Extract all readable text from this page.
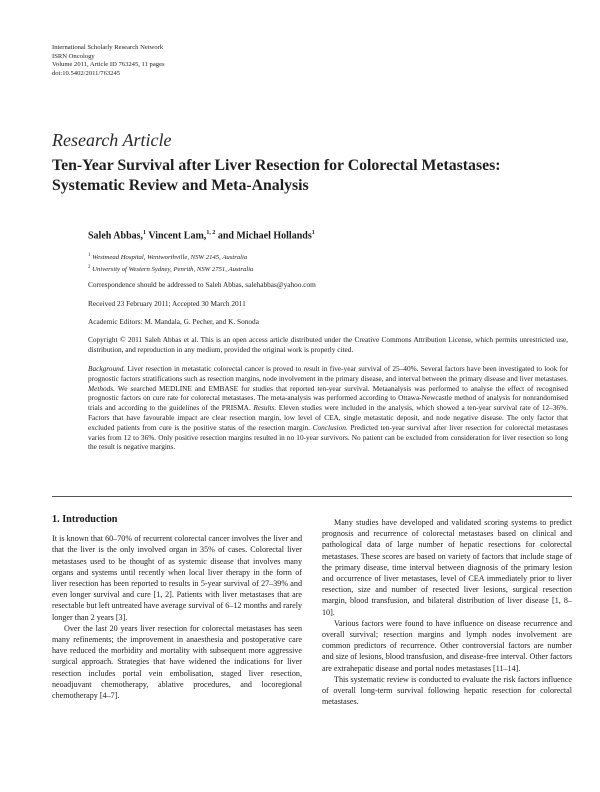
International Scholarly Research Network
ISRN Oncology
Volume 2011, Article ID 763245, 11 pages
doi:10.5402/2011/763245
Research Article
Ten-Year Survival after Liver Resection for Colorectal Metastases:
Systematic Review and Meta-Analysis
Saleh Abbas,$^1$ Vincent Lam,$^{1, 2}$ and Michael Hollands$^1$
$^1$ Westmead Hospital, Wentworthville, NSW 2145, Australia
$^2$ University of Western Sydney, Penrith, NSW 2751, Australia
Correspondence should be addressed to Saleh Abbas, salehabbas@yahoo.com
Received 23 February 2011; Accepted 30 March 2011
Academic Editors: M. Mandala, G. Pecher, and K. Sonoda
Copyright © 2011 Saleh Abbas et al. This is an open access article distributed under the Creative Commons Attribution License, which permits unrestricted use, distribution, and reproduction in any medium, provided the original work is properly cited.
Background. Liver resection in metastatic colorectal cancer is proved to result in five-year survival of 25–40%. Several factors have been investigated to look for prognostic factors stratifications such as resection margins, node involvement in the primary disease, and interval between the primary disease and liver metastases. Methods. We searched MEDLINE and EMBASE for studies that reported ten-year survival. Metaanalysis was performed to analyse the effect of recognised prognostic factors on cure rate for colorectal metastases. The meta-analysis was performed according to Ottawa-Newcastle method of analysis for nonrandomised trials and according to the guidelines of the PRISMA. Results. Eleven studies were included in the analysis, which showed a ten-year survival rate of 12–36%. Factors that have favourable impact are clear resection margin, low level of CEA, single metastatic deposit, and node negative disease. The only factor that excluded patients from cure is the positive status of the resection margin. Conclusion. Predicted ten-year survival after liver resection for colorectal metastases varies from 12 to 36%. Only positive resection margins resulted in no 10-year survivors. No patient can be excluded from consideration for liver resection so long the result is negative margins.
1. Introduction

It is known that 60–70% of recurrent colorectal cancer involves the liver and that the liver is the only involved organ in 35% of cases. Colorectal liver metastases used to be thought of as systemic disease that involves many organs and systems until recently when local liver therapy in the form of liver resection has been reported to results in 5-year survival of 27–39% and even longer survival and cure [1, 2]. Patients with liver metastases that are resectable but left untreated have average survival of 6–12 months and rarely longer than 2 years [3].

Over the last 20 years liver resection for colorectal metastases has seen many refinements; the improvement in anaesthesia and postoperative care have reduced the morbidity and mortality with subsequent more aggressive surgical approach. Strategies that have widened the indications for liver resection includes portal vein embolisation, staged liver resection, neoadjuvant chemotherapy, ablative procedures, and locoregional chemotherapy [4–7].

Many studies have developed and validated scoring systems to predict prognosis and recurrence of colorectal metastases based on clinical and pathological data of large number of hepatic resections for colorectal metastases. These scores are based on variety of factors that include stage of the primary disease, time interval between diagnosis of the primary lesion and occurrence of liver metastases, level of CEA immediately prior to liver resection, size and number of resected liver lesions, surgical resection margin, blood transfusion, and bilateral distribution of liver disease [1, 8–10].

Various factors were found to have influence on disease recurrence and overall survival; resection margins and lymph nodes involvement are common predictors of recurrence. Other controversial factors are number and size of lesions, blood transfusion, and disease-free interval. Other factors are extrahepatic disease and portal nodes metastases [11–14].

This systematic review is conducted to evaluate the risk factors influence of overall long-term survival following hepatic resection for colorectal metastases.
